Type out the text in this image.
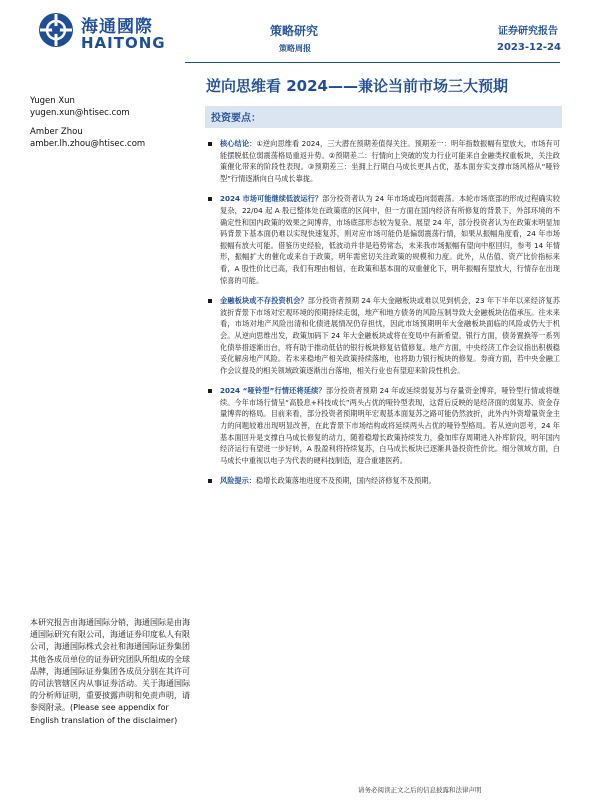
海通國際
HAITONG
策略研究
策略周报
证券研究报告
2023-12-24
逆向思维看 2024——兼论当前市场三大预期
投资要点：
Yugen Xun
yugen.xun@htisec.com
Amber Zhou
amber.lh.zhou@htisec.com	核心结论：①逆向思维看 2024，三大潜在预期差值得关注。预期差一：明年指数振幅有望放大，市场有可能摆脱低位弱震荡格局重返升势。②预期差二：行情向上突破的发力行业可能来自金融类权重板块，关注政策催化带来的阶段性表现。③预期差三：坐拥上行期白马成长更具占优，基本面夯实支撑市场风格从“哑铃型”行情逐渐向白马成长靠拢。
2024 市场可能继续低波运行？部分投资者认为 24 年市场或趋向弱震荡。本轮市场底部的形成过程确实较复杂，22/04 起 A 股已整体处在政策底的区间中，但一方面在国内经济有所修复的背景下，外部环境的不确定性和国内政策的效果之间博弈，市场底部形态较为复杂。展望 24 年，部分投资者认为在政策未明显加码背景下基本面仍难以实现快速复苏，则对应市场可能仍是偏弱震荡行情，如果从振幅角度看，24 年市场振幅有放大可能。借鉴历史经验，低波动并非是趋势常态，未来我市场振幅有望向中枢回归，参考 14 年情形，振幅扩大的催化或来自于政策，明年需密切关注政策的规模和力度。此外，从估值、资产比价指标来看，A 股性价比已高，我们有理由相信，在政策和基本面的双重催化下，明年振幅有望放大，行情存在出现惊喜的可能。
金融板块或不存投资机会？部分投资者预期 24 年大金融板块或难以见到机会，23 年下半年以来经济复苏波折背景下市场对宏观环境的预期持续走弱，地产和地方债务的风险压制导致大金融板块估值承压。往未来看，市场对地产风险出清和化债进展情况仍存担忧，因此市场预期明年大金融板块面临的风险或仍大于机会。从逆向思维出发，政策加码下 24 年大金融板块或将在变局中有新希望。银行方面，债务置换等一系列化债举措逐渐出台，将有助于推动低估的银行板块修复估值修复。地产方面，中央经济工作会议指出积极稳妥化解房地产风险。若未来稳地产相关政策持续落地，也将助力银行板块的修复。券商方面，若中央金融工作会议提及的相关领域政策逐渐出台落地，相关行业也有望迎来阶段性机会。
2024 “哑铃型”行情还将延续？部分投资者预期 24 年或延续弱复苏与存量资金博弈，哑铃型行情或将继续。今年市场行情呈“高股息+科技成长”两头占优的哑铃型表现，这背后反映的是经济面的弱复苏、资金存量博弈的格局。目前来看，部分投资者预期明年宏观基本面复苏之路可能仍然波折，此外内外资增量资金主力的问题较难出现明显改善，在此背景下市场结构或将延续两头占优的哑铃型格局。若从逆向思考，24 年基本面回升是支撑白马成长修复的动力，随着稳增长政策持续发力，叠加库存周期进入补库阶段，明年国内经济运行有望进一步好转，A 股盈利将持续复苏，白马成长板块已逐渐具备投资性价比。细分领域方面，白马成长中重视以电子为代表的硬科技制造，迎合重建医药。
风险提示：稳增长政策落地进度不及预期，国内经济修复不及预期。
本研究报告由海通国际分销，海通国际是由海通国际研究有限公司，海通证券印度私人有限公司，海通国际株式会社和海通国际证券集团其他各成员单位的证券研究团队所组成的全球品牌，海通国际证券集团各成员分别在其许可的司法管辖区内从事证券活动。关于海通国际的分析师证明，重要披露声明和免责声明，请参阅附录。(Please see appendix for English translation of the disclaimer)
请务必阅读正文之后的信息披露和法律声明
